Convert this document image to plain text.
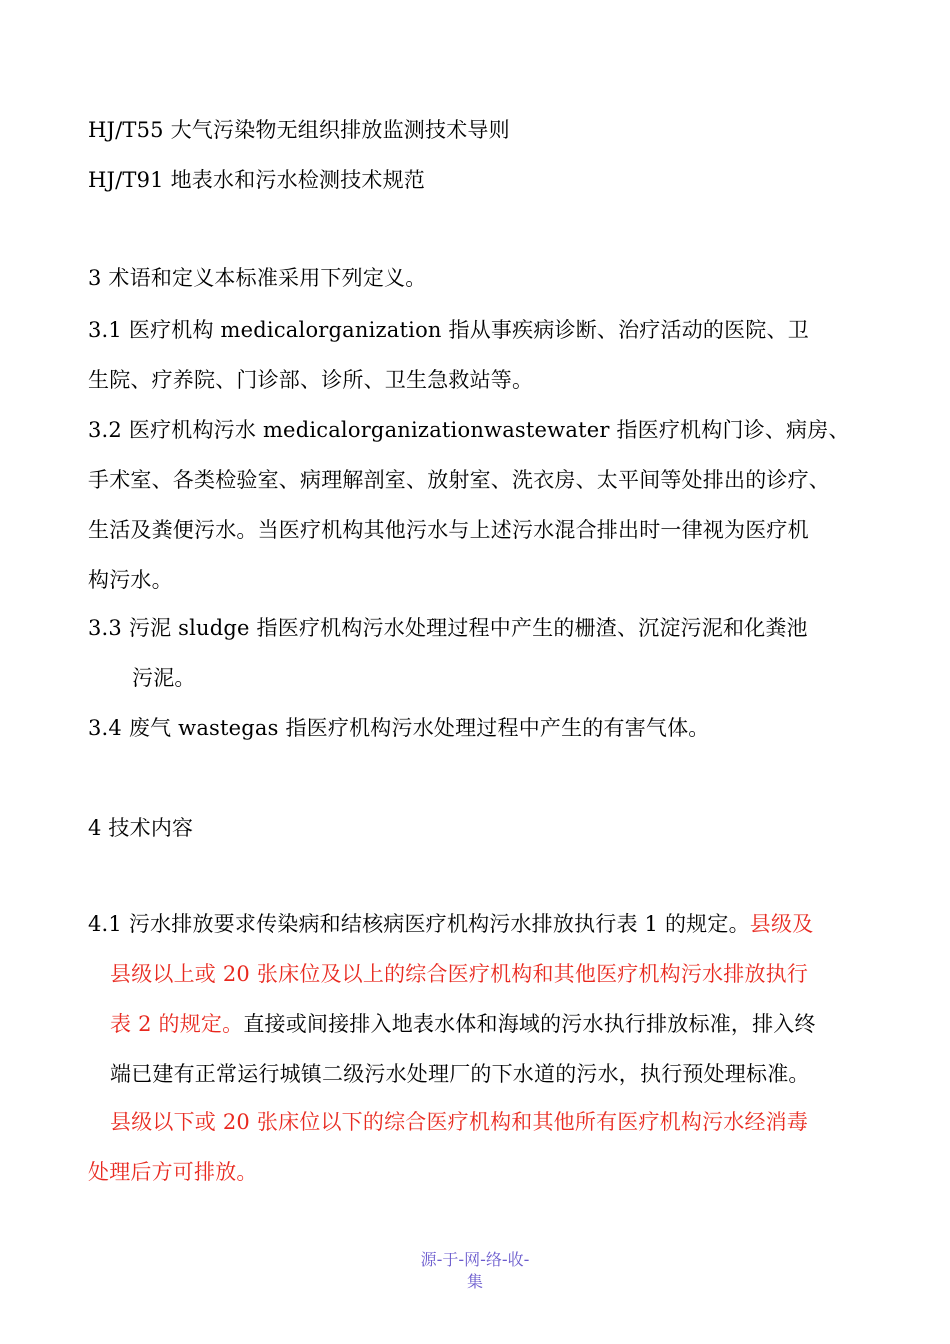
HJ/T55 大气污染物无组织排放监测技术导则
HJ/T91 地表水和污水检测技术规范
3 术语和定义本标准采用下列定义。
3.1 医疗机构 medicalorganization 指从事疾病诊断、治疗活动的医院、卫
生院、疗养院、门诊部、诊所、卫生急救站等。
3.2 医疗机构污水 medicalorganizationwastewater 指医疗机构门诊、病房、
手术室、各类检验室、病理解剖室、放射室、洗衣房、太平间等处排出的诊疗、
生活及粪便污水。当医疗机构其他污水与上述污水混合排出时一律视为医疗机
构污水。
3.3 污泥 sludge 指医疗机构污水处理过程中产生的栅渣、沉淀污泥和化粪池
污泥。
3.4 废气 wastegas 指医疗机构污水处理过程中产生的有害气体。
4 技术内容
4.1 污水排放要求传染病和结核病医疗机构污水排放执行表 1 的规定。县级及
县级以上或 20 张床位及以上的综合医疗机构和其他医疗机构污水排放执行
表 2 的规定。直接或间接排入地表水体和海域的污水执行排放标准，排入终
端已建有正常运行城镇二级污水处理厂的下水道的污水，执行预处理标准。
县级以下或 20 张床位以下的综合医疗机构和其他所有医疗机构污水经消毒
处理后方可排放。
源-于-网-络-收-
集
